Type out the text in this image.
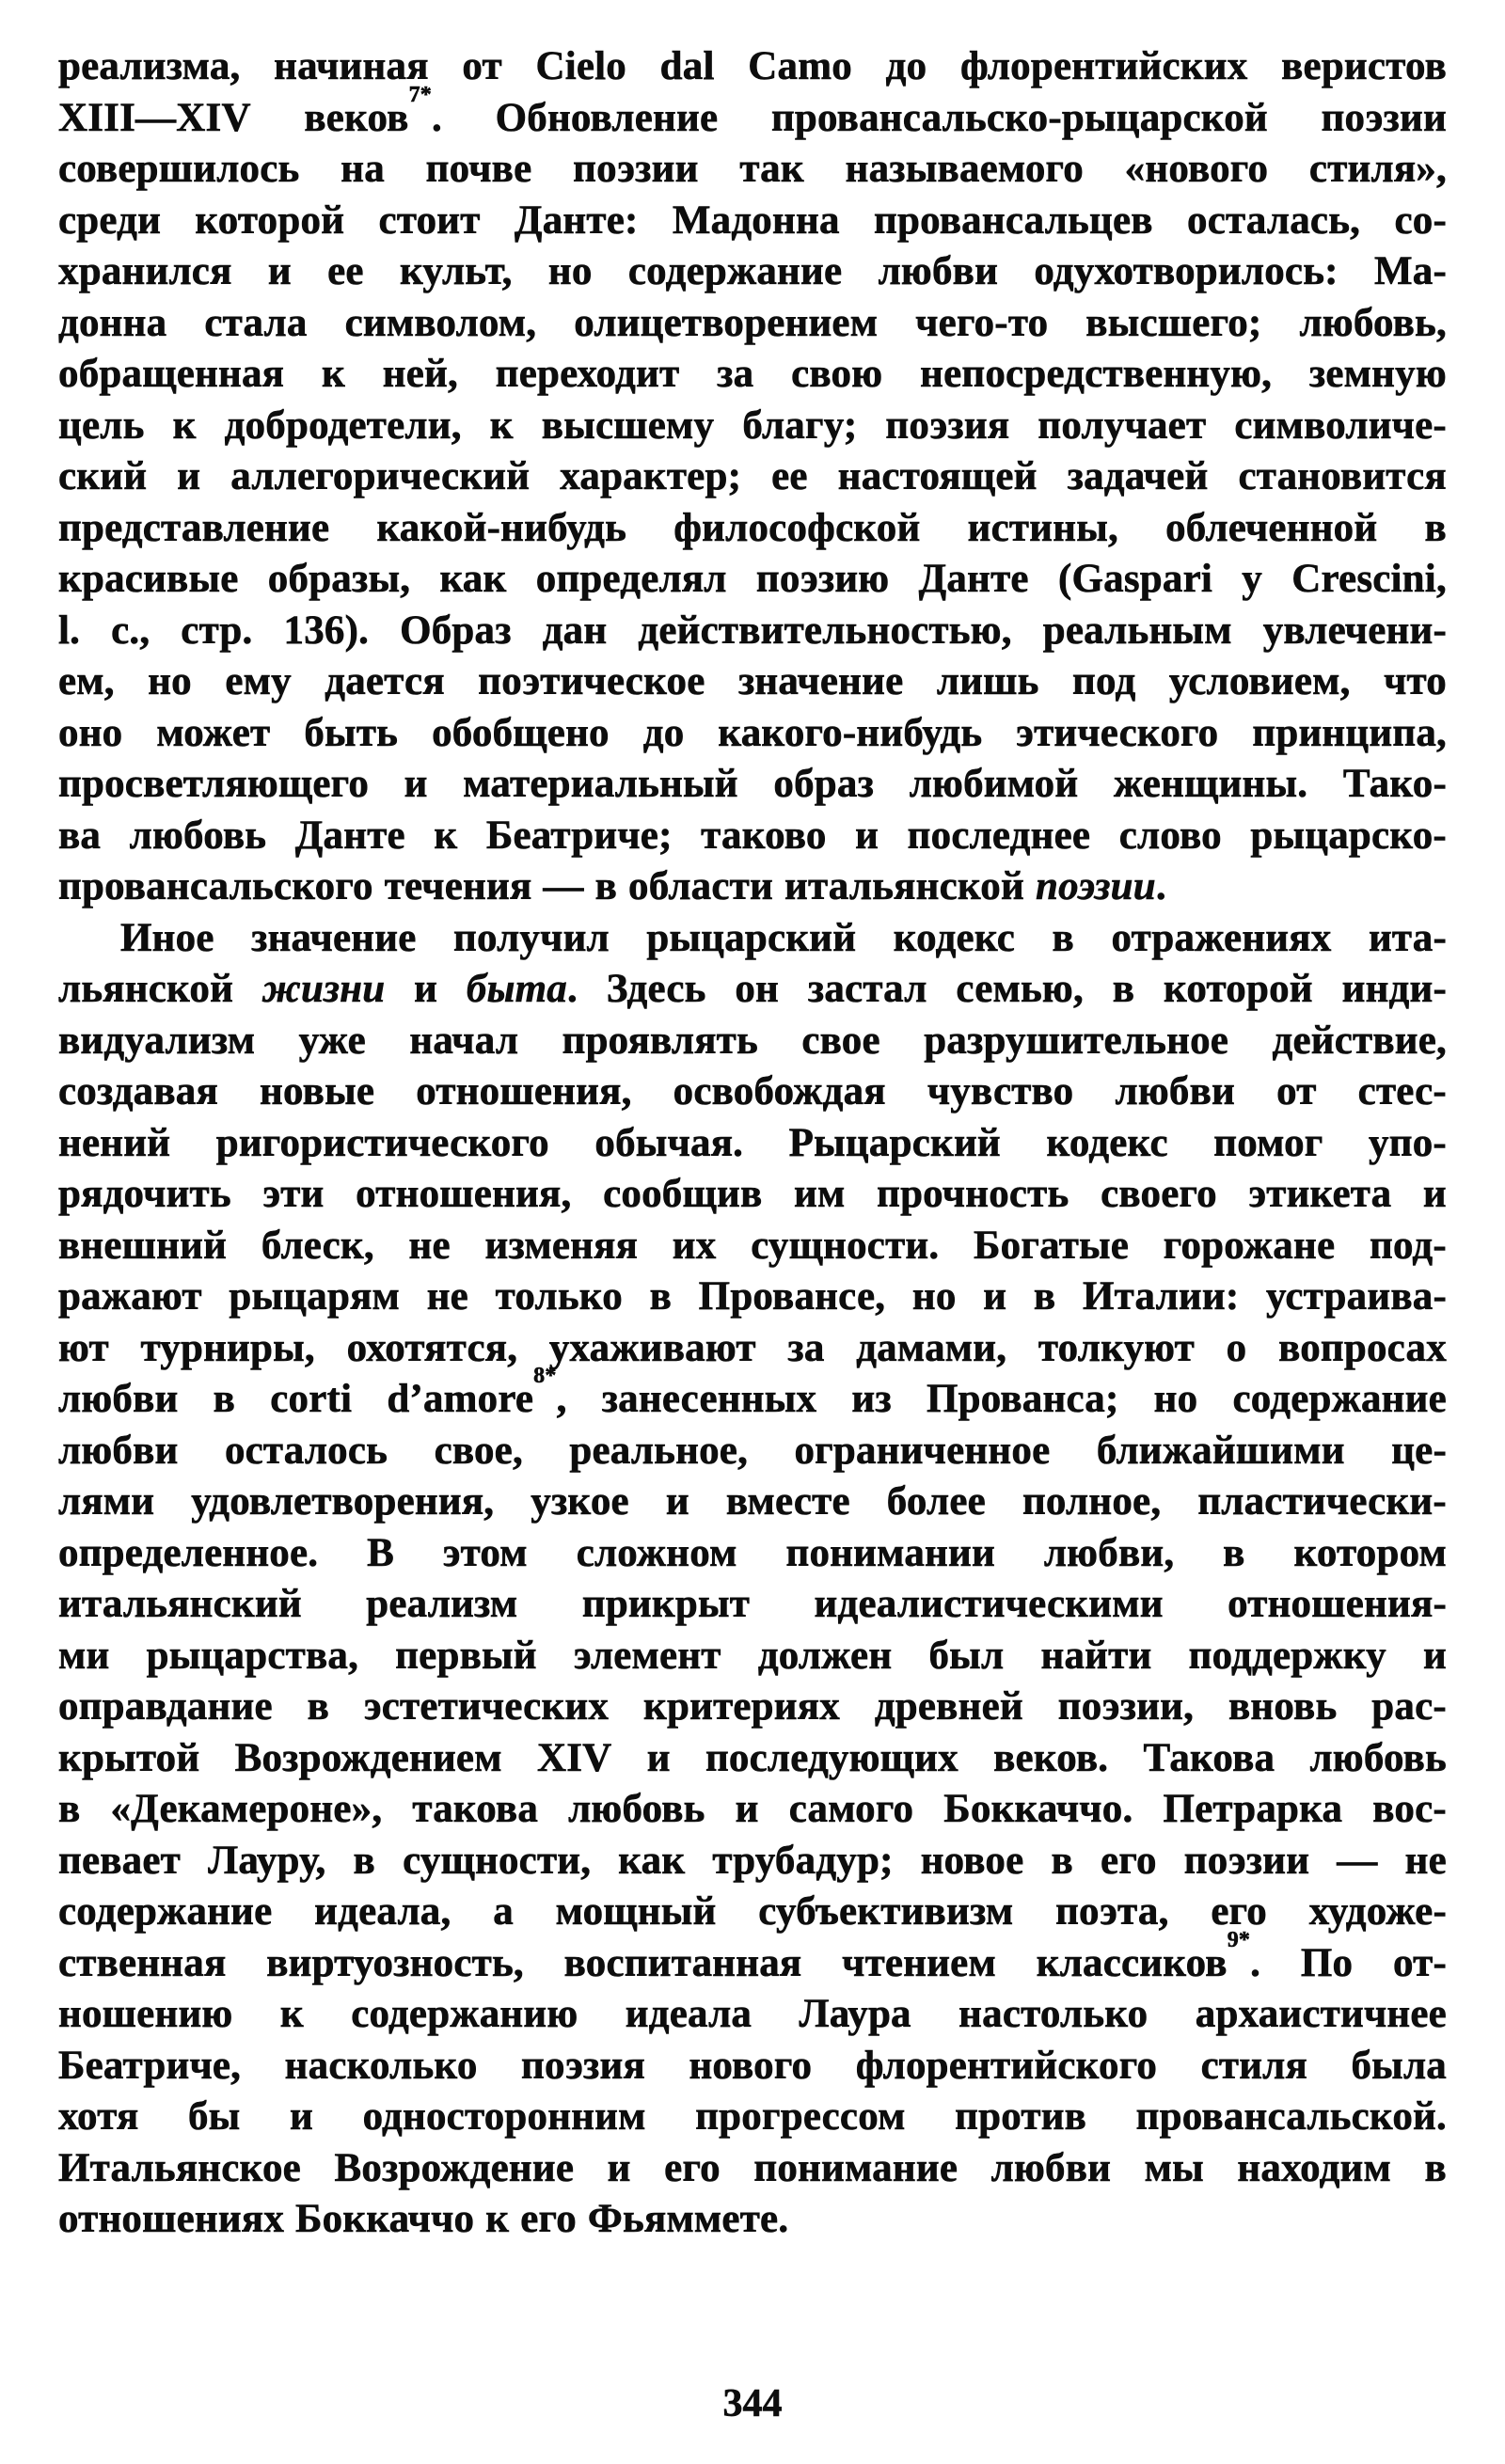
реализма, начиная от Cielo dal Camo до флорентийских веристов
XIII—XIV веков$^{7*}$. Обновление провансальско-рыцарской поэзии
совершилось на почве поэзии так называемого «нового стиля»,
среди которой стоит Данте: Мадонна провансальцев осталась, со-
хранился и ее культ, но содержание любви одухотворилось: Ма-
донна стала символом, олицетворением чего-то высшего; любовь,
обращенная к ней, переходит за свою непосредственную, земную
цель к добродетели, к высшему благу; поэзия получает символиче-
ский и аллегорический характер; ее настоящей задачей становится
представление какой-нибудь философской истины, облеченной в
красивые образы, как определял поэзию Данте (Gaspari у Crescini,
l. с., стр. 136). Образ дан действительностью, реальным увлечени-
ем, но ему дается поэтическое значение лишь под условием, что
оно может быть обобщено до какого-нибудь этического принципа,
просветляющего и материальный образ любимой женщины. Тако-
ва любовь Данте к Беатриче; таково и последнее слово рыцарско-
провансальского течения — в области итальянской поэзии.
Иное значение получил рыцарский кодекс в отражениях ита-
льянской жизни и быта. Здесь он застал семью, в которой инди-
видуализм уже начал проявлять свое разрушительное действие,
создавая новые отношения, освобождая чувство любви от стес-
нений ригористического обычая. Рыцарский кодекс помог упо-
рядочить эти отношения, сообщив им прочность своего этикета и
внешний блеск, не изменяя их сущности. Богатые горожане под-
ражают рыцарям не только в Провансе, но и в Италии: устраива-
ют турниры, охотятся, ухаживают за дамами, толкуют о вопросах
любви в corti d’amore$^{8*}$, занесенных из Прованса; но содержание
любви осталось свое, реальное, ограниченное ближайшими це-
лями удовлетворения, узкое и вместе более полное, пластически-
определенное. В этом сложном понимании любви, в котором
итальянский реализм прикрыт идеалистическими отношения-
ми рыцарства, первый элемент должен был найти поддержку и
оправдание в эстетических критериях древней поэзии, вновь рас-
крытой Возрождением XIV и последующих веков. Такова любовь
в «Декамероне», такова любовь и самого Боккаччо. Петрарка вос-
певает Лауру, в сущности, как трубадур; новое в его поэзии — не
содержание идеала, а мощный субъективизм поэта, его художе-
ственная виртуозность, воспитанная чтением классиков$^{9*}$. По от-
ношению к содержанию идеала Лаура настолько архаистичнее
Беатриче, насколько поэзия нового флорентийского стиля была
хотя бы и односторонним прогрессом против провансальской.
Итальянское Возрождение и его понимание любви мы находим в
отношениях Боккаччо к его Фьяммете.
344
